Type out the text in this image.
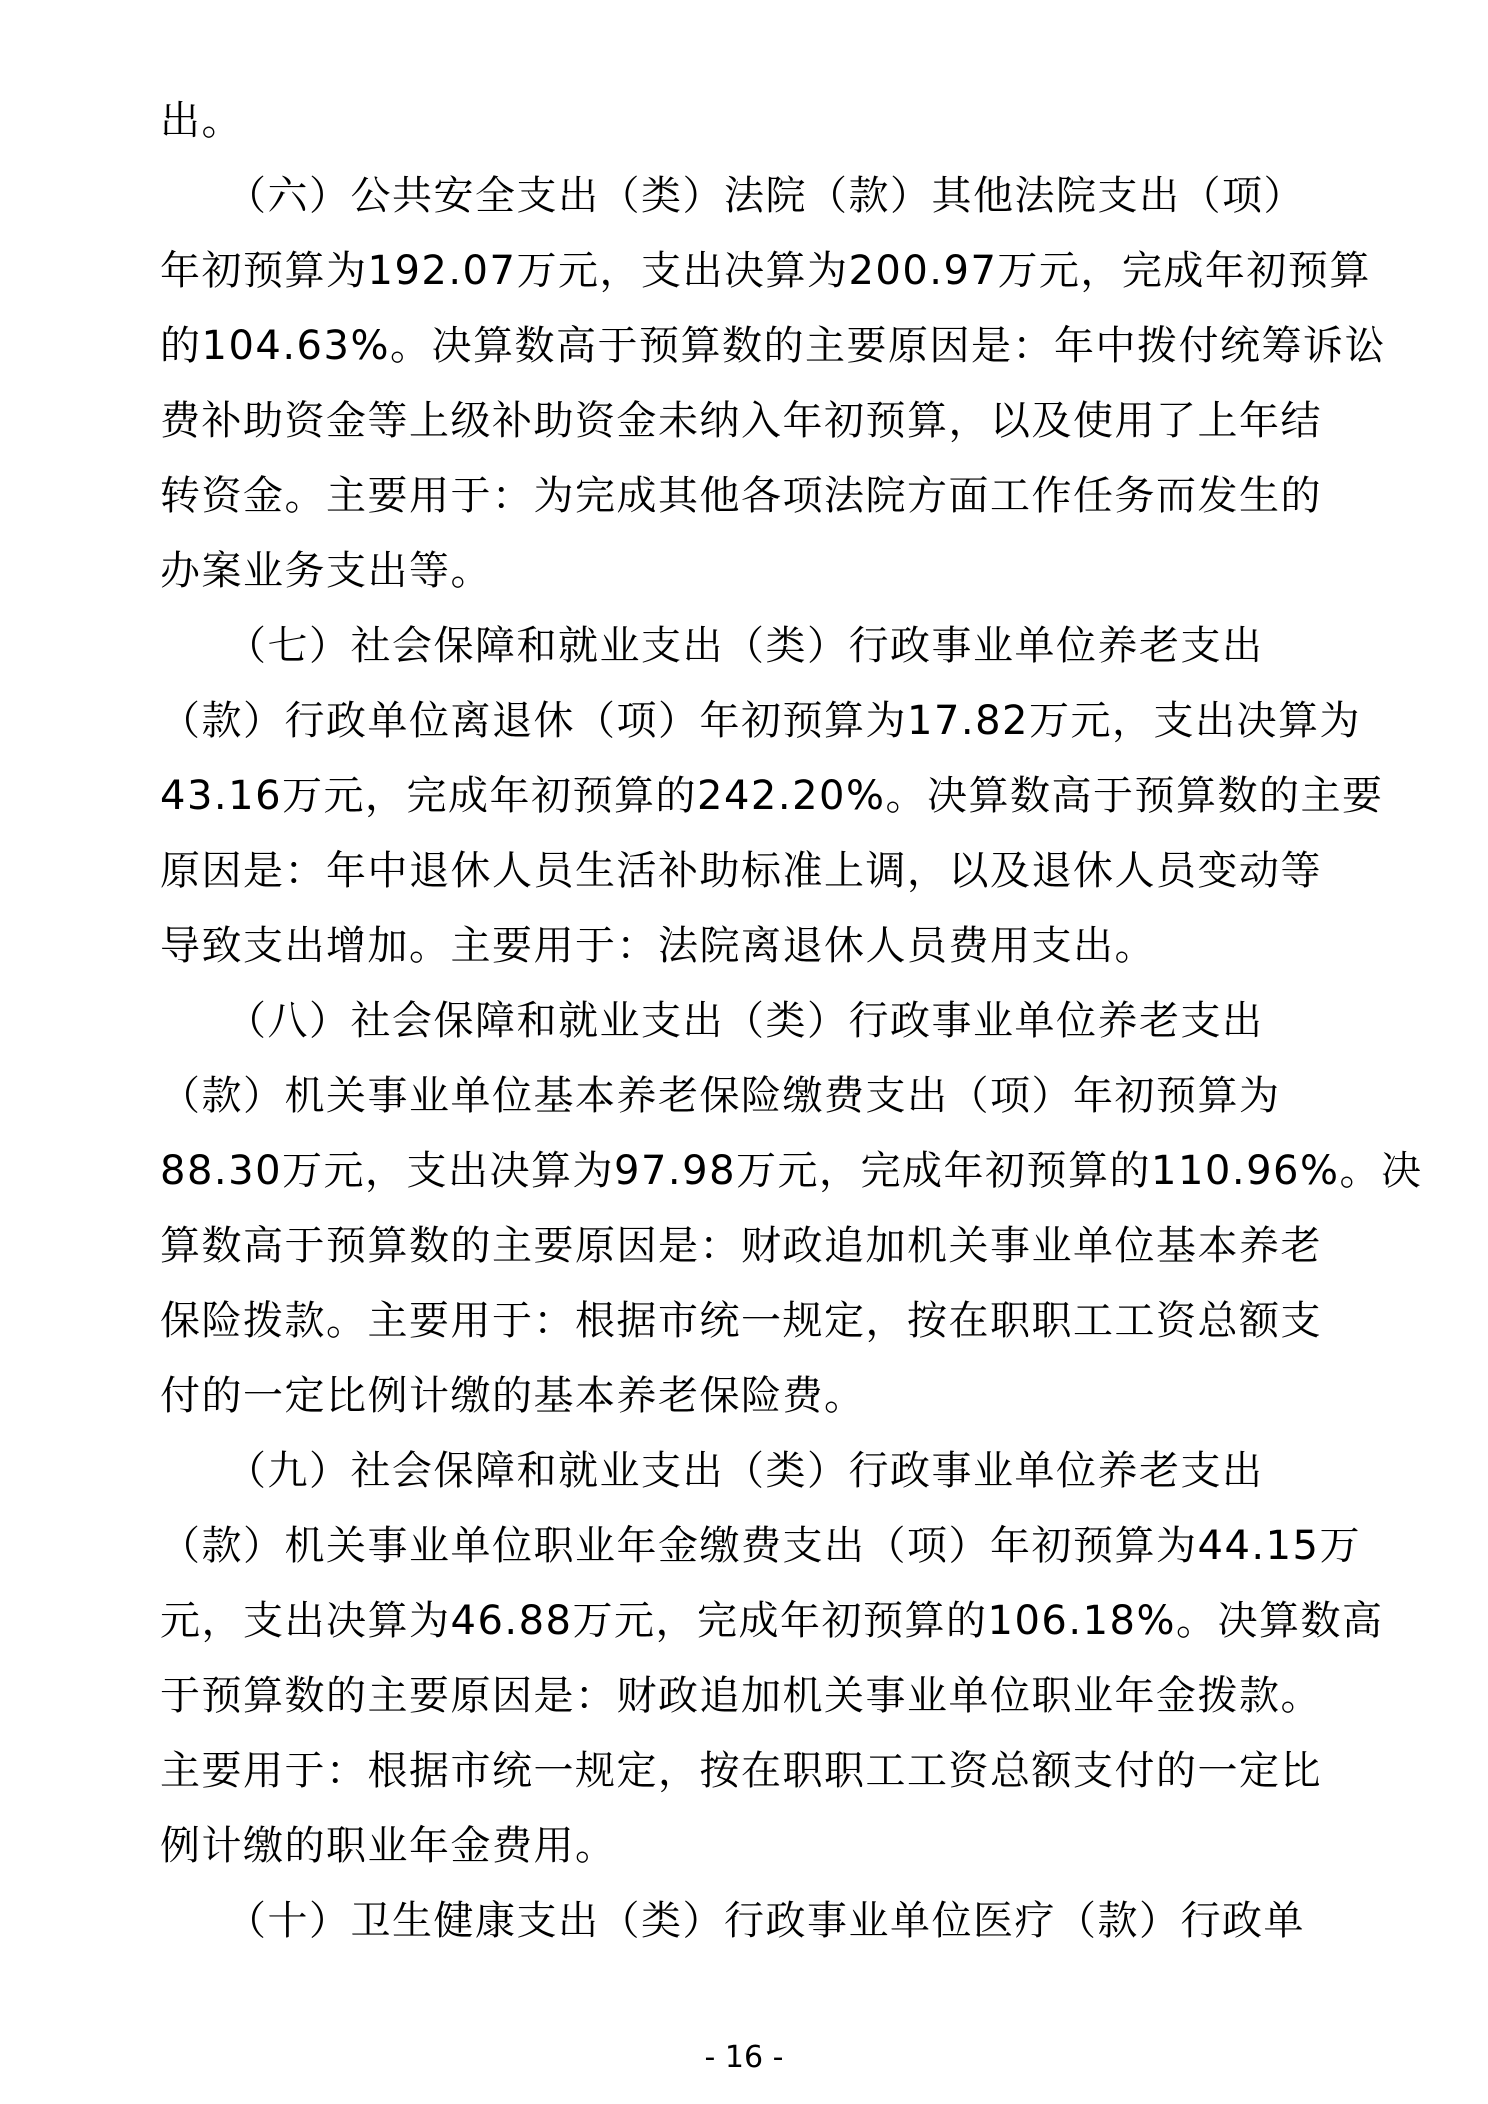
出。
（六）公共安全支出（类）法院（款）其他法院支出（项）
年初预算为192.07万元，支出决算为200.97万元，完成年初预算
的104.63%。决算数高于预算数的主要原因是：年中拨付统筹诉讼
费补助资金等上级补助资金未纳入年初预算，以及使用了上年结
转资金。主要用于：为完成其他各项法院方面工作任务而发生的
办案业务支出等。
（七）社会保障和就业支出（类）行政事业单位养老支出
（款）行政单位离退休（项）年初预算为17.82万元，支出决算为
43.16万元，完成年初预算的242.20%。决算数高于预算数的主要
原因是：年中退休人员生活补助标准上调，以及退休人员变动等
导致支出增加。主要用于：法院离退休人员费用支出。
（八）社会保障和就业支出（类）行政事业单位养老支出
（款）机关事业单位基本养老保险缴费支出（项）年初预算为
88.30万元，支出决算为97.98万元，完成年初预算的110.96%。决
算数高于预算数的主要原因是：财政追加机关事业单位基本养老
保险拨款。主要用于：根据市统一规定，按在职职工工资总额支
付的一定比例计缴的基本养老保险费。
（九）社会保障和就业支出（类）行政事业单位养老支出
（款）机关事业单位职业年金缴费支出（项）年初预算为44.15万
元，支出决算为46.88万元，完成年初预算的106.18%。决算数高
于预算数的主要原因是：财政追加机关事业单位职业年金拨款。
主要用于：根据市统一规定，按在职职工工资总额支付的一定比
例计缴的职业年金费用。
（十）卫生健康支出（类）行政事业单位医疗（款）行政单
- 16 -
